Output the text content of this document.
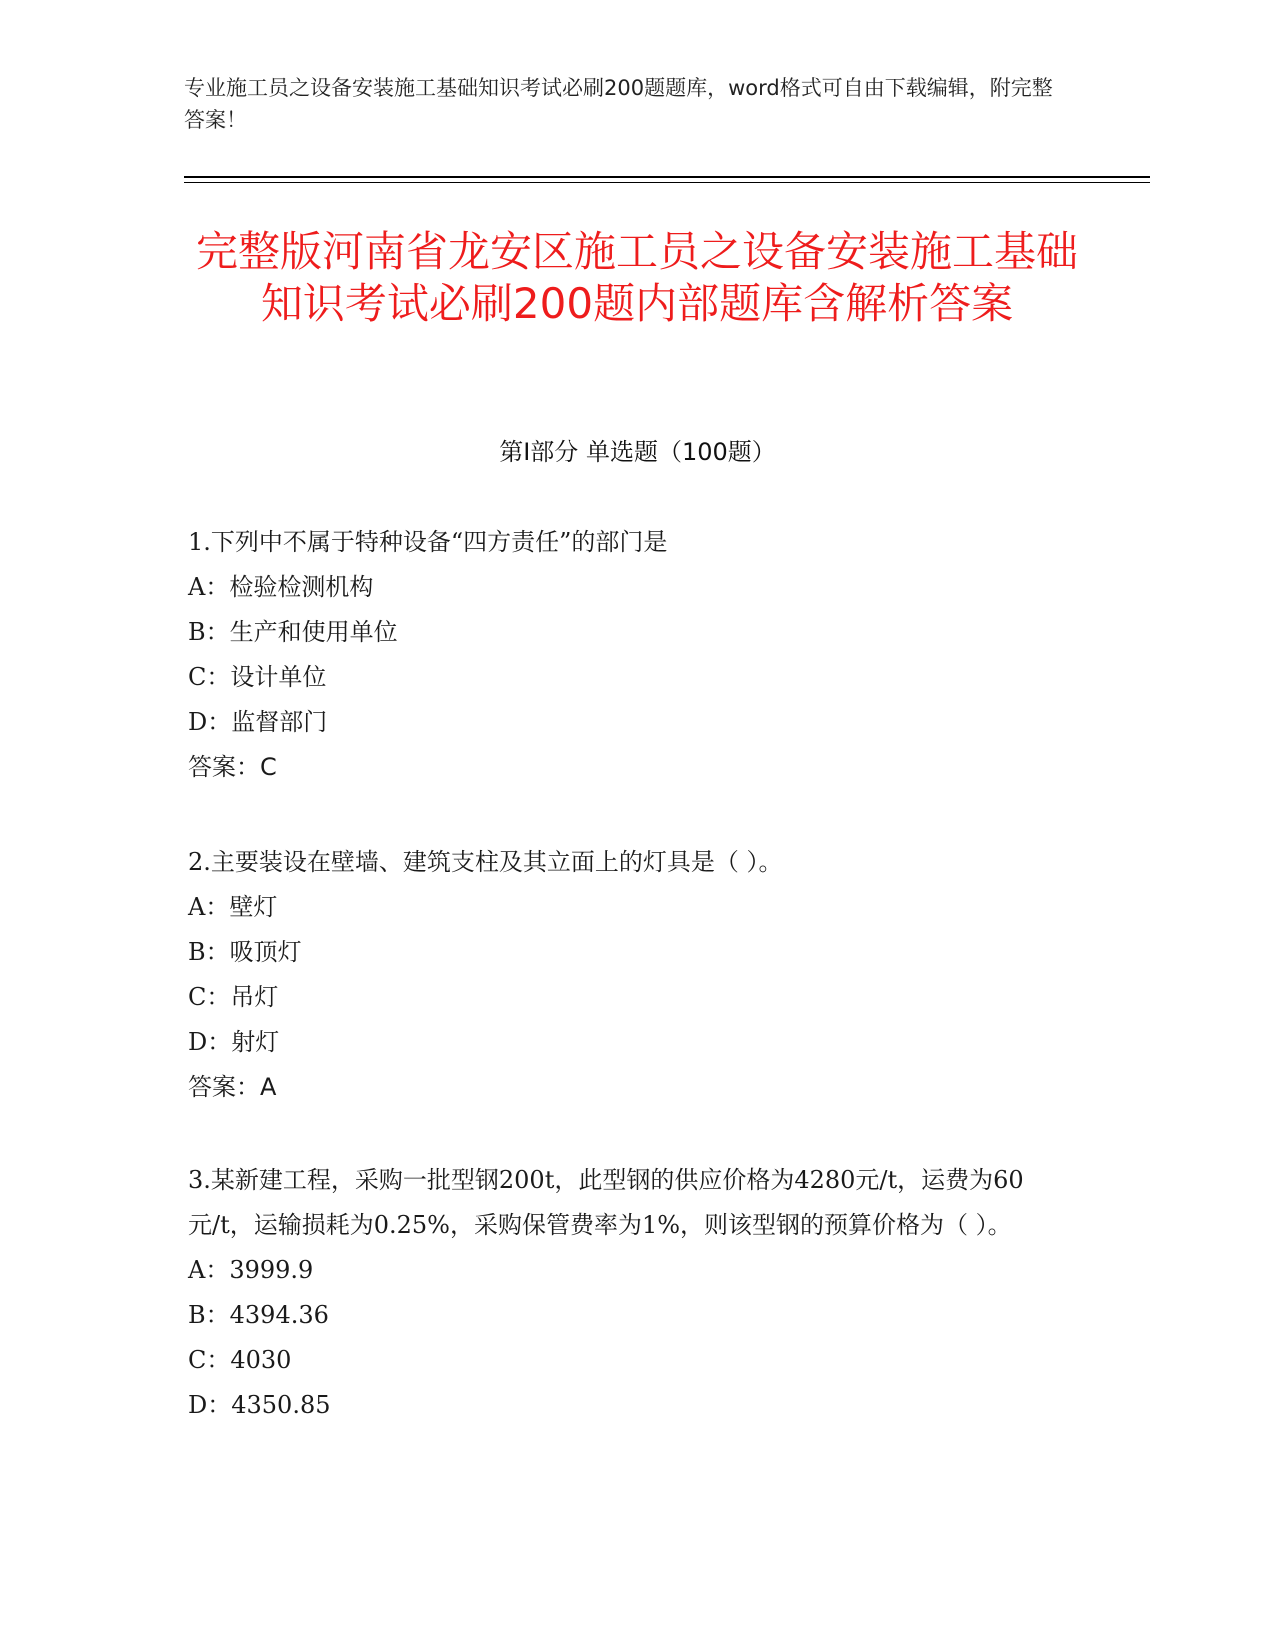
专业施工员之设备安装施工基础知识考试必刷200题题库，word格式可自由下载编辑，附完整答案！
完整版河南省龙安区施工员之设备安装施工基础知识考试必刷200题内部题库含解析答案
第Ⅰ部分 单选题（100题）

1.下列中不属于特种设备“四方责任”的部门是

A：检验检测机构

B：生产和使用单位

C：设计单位

D：监督部门

答案：C

2.主要装设在壁墙、建筑支柱及其立面上的灯具是（ ）。

A：壁灯

B：吸顶灯

C：吊灯

D：射灯

答案：A

3.某新建工程，采购一批型钢200t，此型钢的供应价格为4280元/t，运费为60元/t，运输损耗为0.25%，采购保管费率为1%，则该型钢的预算价格为（ ）。

A：3999.9

B：4394.36

C：4030

D：4350.85
